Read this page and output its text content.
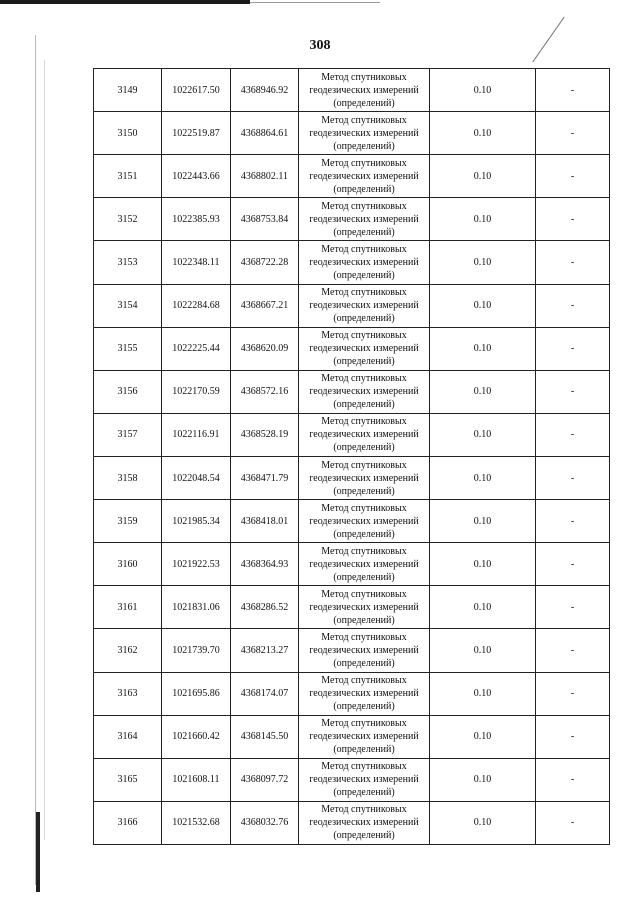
308
3149	1022617.50	4368946.92	Метод спутниковых
геодезических измерений
(определений)	0.10	-
3150	1022519.87	4368864.61	Метод спутниковых
геодезических измерений
(определений)	0.10	-
3151	1022443.66	4368802.11	Метод спутниковых
геодезических измерений
(определений)	0.10	-
3152	1022385.93	4368753.84	Метод спутниковых
геодезических измерений
(определений)	0.10	-
3153	1022348.11	4368722.28	Метод спутниковых
геодезических измерений
(определений)	0.10	-
3154	1022284.68	4368667.21	Метод спутниковых
геодезических измерений
(определений)	0.10	-
3155	1022225.44	4368620.09	Метод спутниковых
геодезических измерений
(определений)	0.10	-
3156	1022170.59	4368572.16	Метод спутниковых
геодезических измерений
(определений)	0.10	-
3157	1022116.91	4368528.19	Метод спутниковых
геодезических измерений
(определений)	0.10	-
3158	1022048.54	4368471.79	Метод спутниковых
геодезических измерений
(определений)	0.10	-
3159	1021985.34	4368418.01	Метод спутниковых
геодезических измерений
(определений)	0.10	-
3160	1021922.53	4368364.93	Метод спутниковых
геодезических измерений
(определений)	0.10	-
3161	1021831.06	4368286.52	Метод спутниковых
геодезических измерений
(определений)	0.10	-
3162	1021739.70	4368213.27	Метод спутниковых
геодезических измерений
(определений)	0.10	-
3163	1021695.86	4368174.07	Метод спутниковых
геодезических измерений
(определений)	0.10	-
3164	1021660.42	4368145.50	Метод спутниковых
геодезических измерений
(определений)	0.10	-
3165	1021608.11	4368097.72	Метод спутниковых
геодезических измерений
(определений)	0.10	-
3166	1021532.68	4368032.76	Метод спутниковых
геодезических измерений
(определений)	0.10	-
